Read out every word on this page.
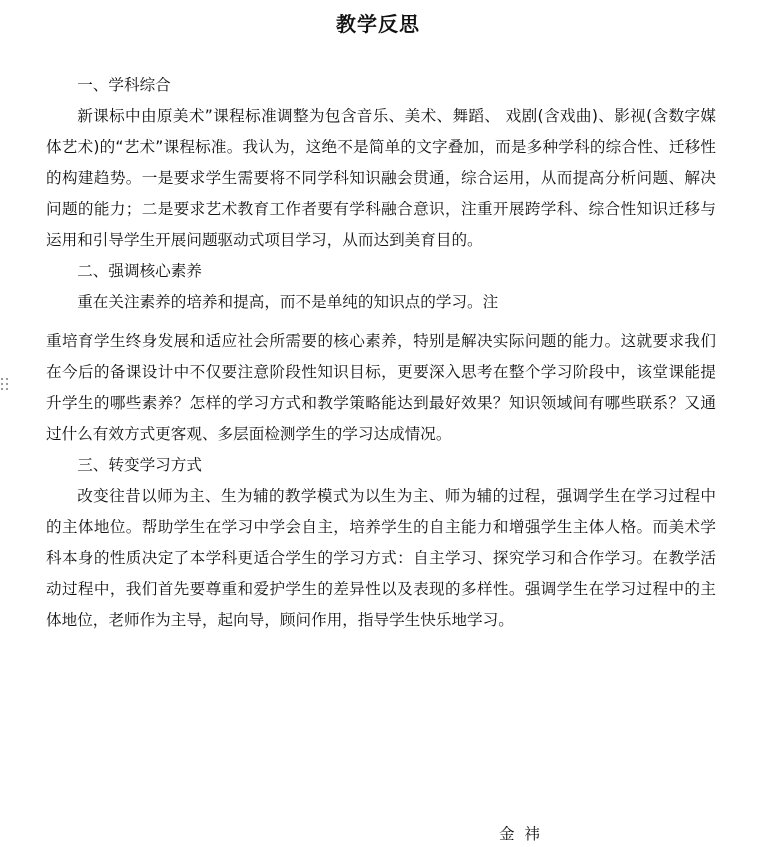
教学反思

一、学科综合

新课标中由原美术”课程标准调整为包含音乐、美术、舞蹈、 戏剧(含戏曲)、影视(含数字媒体艺术)的“艺术”课程标准。我认为，这绝不是简单的文字叠加，而是多种学科的综合性、迁移性的构建趋势。一是要求学生需要将不同学科知识融会贯通，综合运用，从而提高分析问题、解决问题的能力；二是要求艺术教育工作者要有学科融合意识，注重开展跨学科、综合性知识迁移与运用和引导学生开展问题驱动式项目学习，从而达到美育目的。

二、强调核心素养

重在关注素养的培养和提高，而不是单纯的知识点的学习。注

重培育学生终身发展和适应社会所需要的核心素养，特别是解决实际问题的能力。这就要求我们在今后的备课设计中不仅要注意阶段性知识目标，更要深入思考在整个学习阶段中，该堂课能提升学生的哪些素养？怎样的学习方式和教学策略能达到最好效果？知识领域间有哪些联系？又通过什么有效方式更客观、多层面检测学生的学习达成情况。

三、转变学习方式

改变往昔以师为主、生为辅的教学模式为以生为主、师为辅的过程，强调学生在学习过程中的主体地位。帮助学生在学习中学会自主，培养学生的自主能力和增强学生主体人格。而美术学科本身的性质决定了本学科更适合学生的学习方式：自主学习、探究学习和合作学习。在教学活动过程中，我们首先要尊重和爱护学生的差异性以及表现的多样性。强调学生在学习过程中的主体地位，老师作为主导，起向导，顾问作用，指导学生快乐地学习。

金  祎
